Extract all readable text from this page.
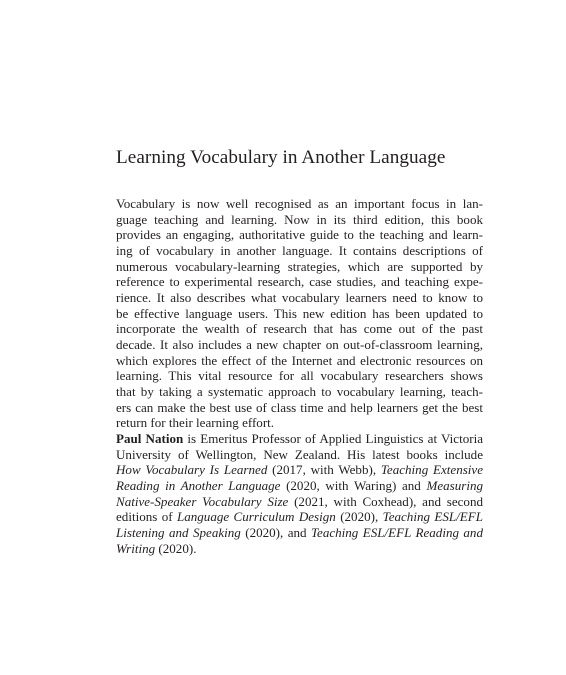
Learning Vocabulary in Another Language
Vocabulary is now well recognised as an important focus in lan-
guage teaching and learning. Now in its third edition, this book
provides an engaging, authoritative guide to the teaching and learn-
ing of vocabulary in another language. It contains descriptions of
numerous vocabulary-learning strategies, which are supported by
reference to experimental research, case studies, and teaching expe-
rience. It also describes what vocabulary learners need to know to
be effective language users. This new edition has been updated to
incorporate the wealth of research that has come out of the past
decade. It also includes a new chapter on out-of-classroom learning,
which explores the effect of the Internet and electronic resources on
learning. This vital resource for all vocabulary researchers shows
that by taking a systematic approach to vocabulary learning, teach-
ers can make the best use of class time and help learners get the best
return for their learning effort.
Paul Nation is Emeritus Professor of Applied Linguistics at Victoria
University of Wellington, New Zealand. His latest books include
How Vocabulary Is Learned (2017, with Webb), Teaching Extensive
Reading in Another Language (2020, with Waring) and Measuring
Native-Speaker Vocabulary Size (2021, with Coxhead), and second
editions of Language Curriculum Design (2020), Teaching ESL/EFL
Listening and Speaking (2020), and Teaching ESL/EFL Reading and
Writing (2020).
